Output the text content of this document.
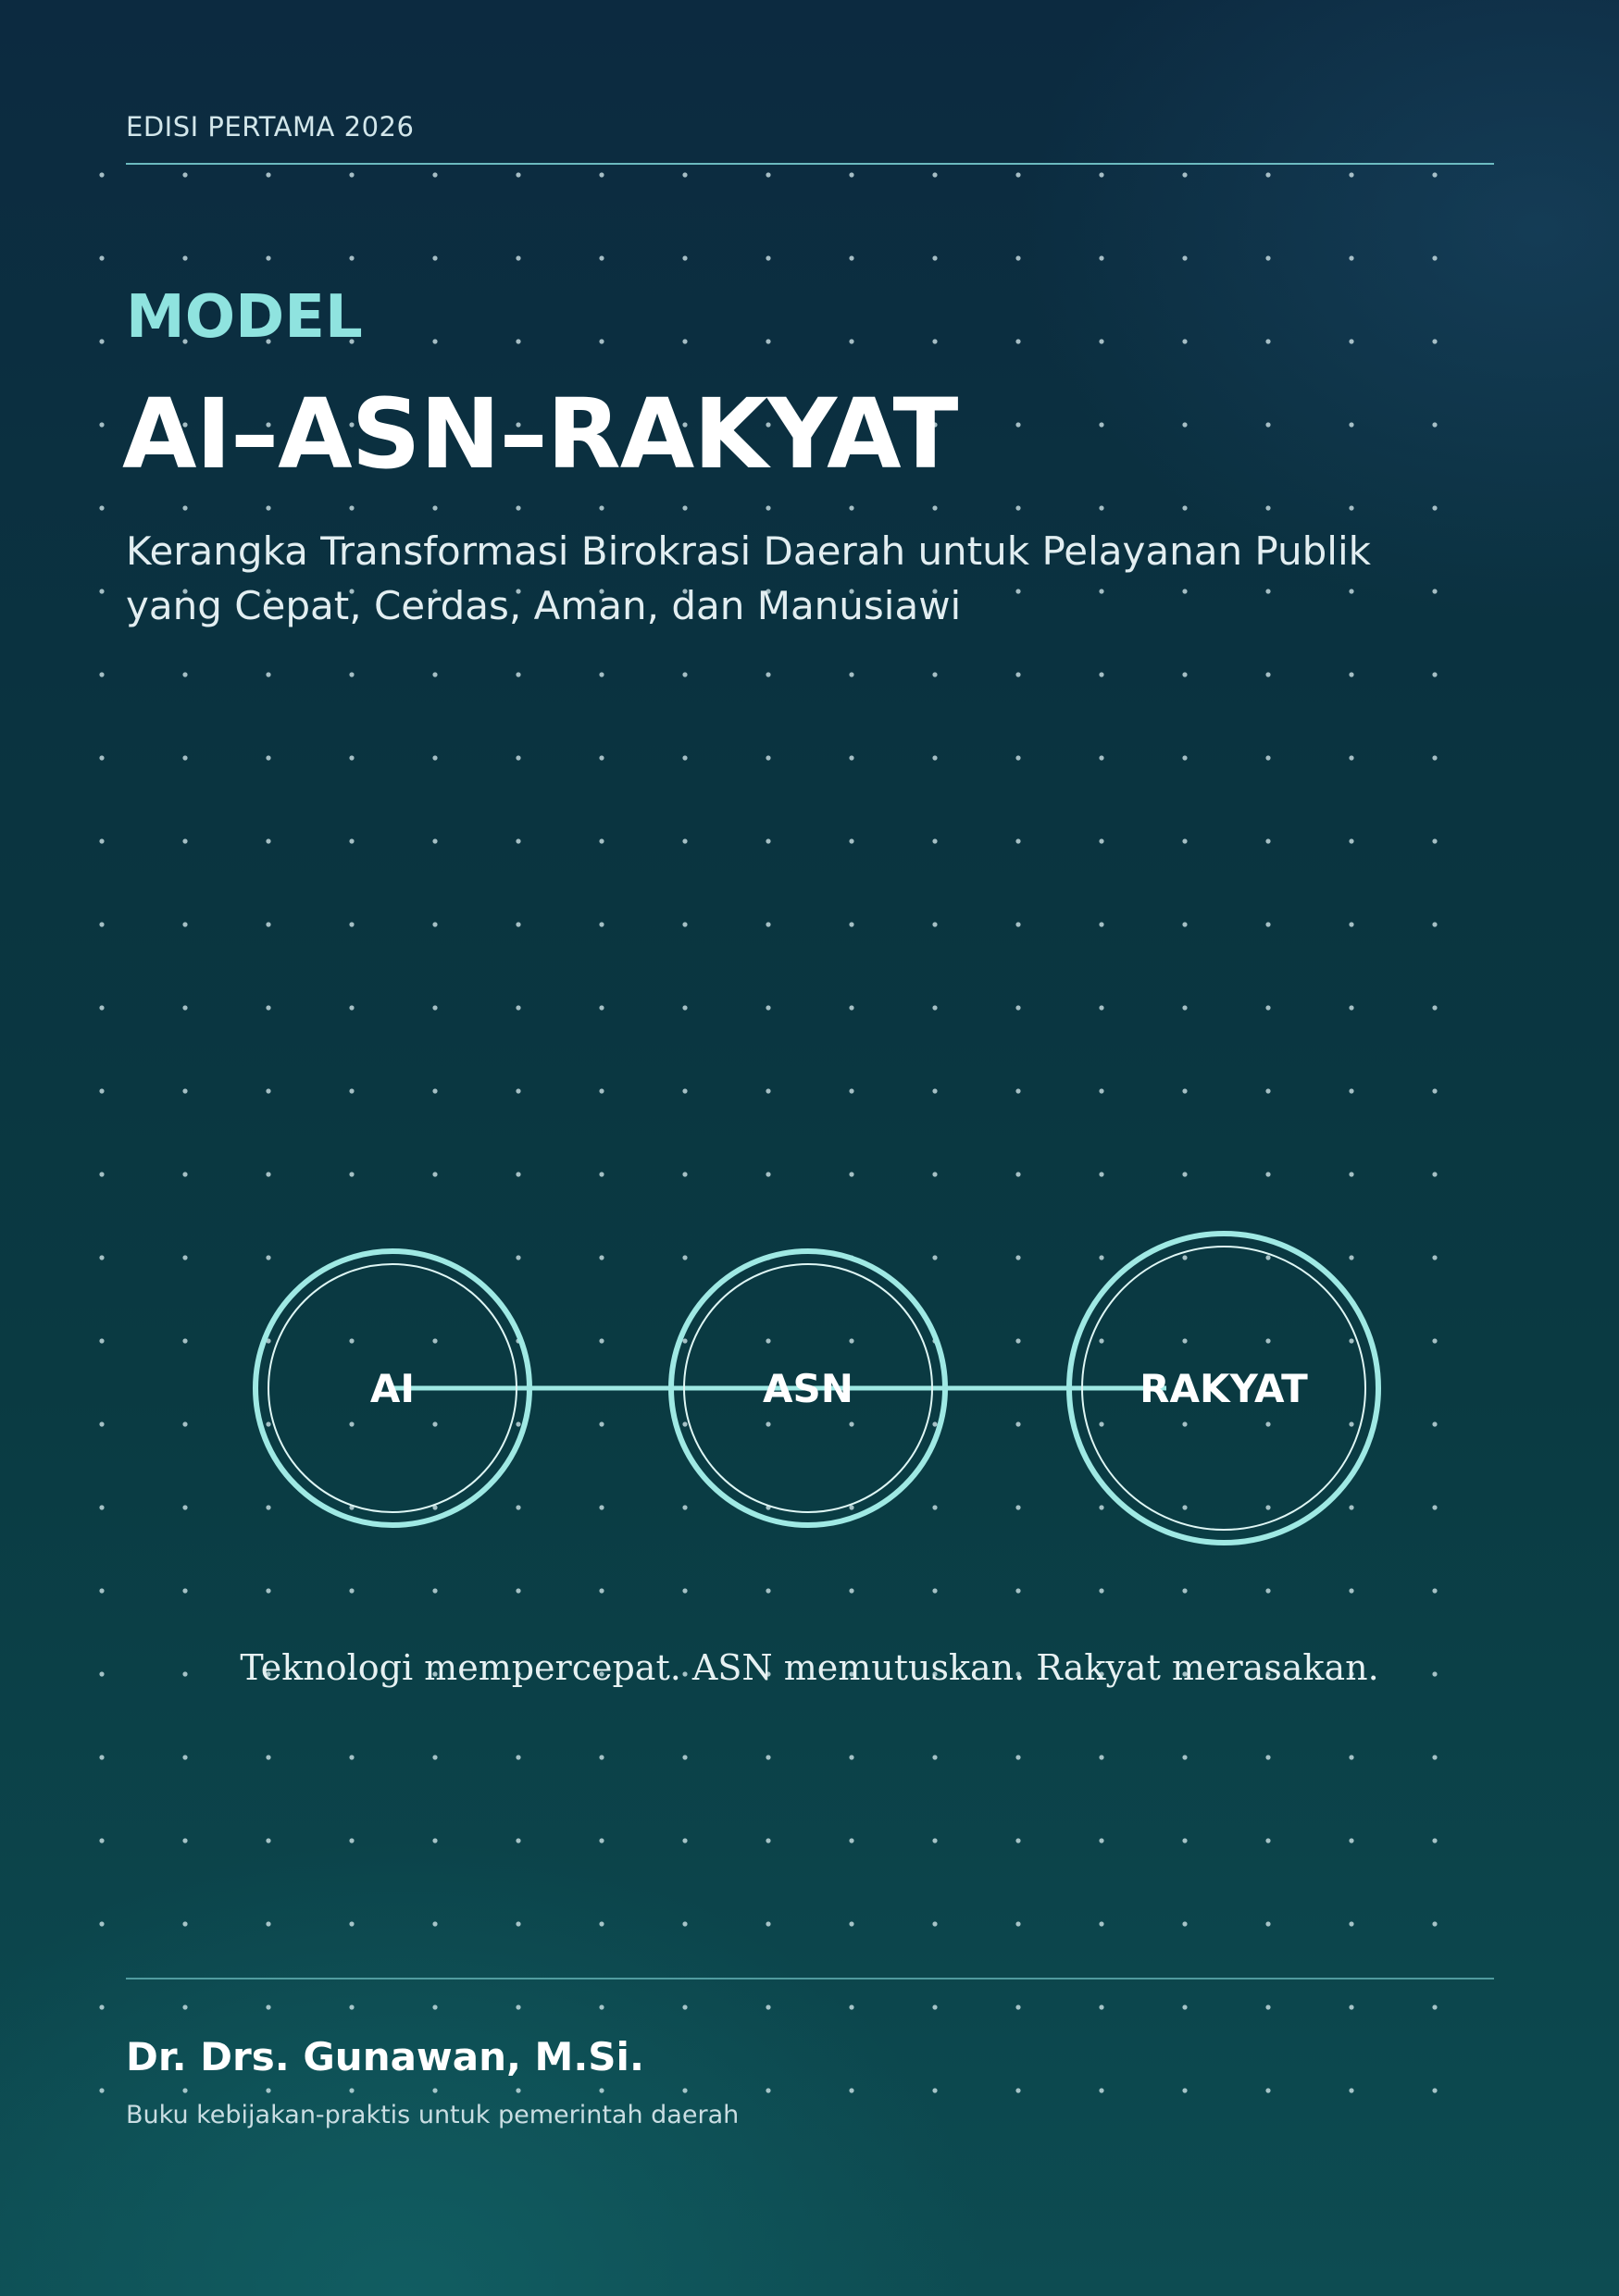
EDISI PERTAMA 2026
MODEL
AI–ASN–RAKYAT
Kerangka Transformasi Birokrasi Daerah untuk Pelayanan Publik yang Cepat, Cerdas, Aman, dan Manusiawi
AI	ASN	RAKYAT
Teknologi mempercepat. ASN memutuskan. Rakyat merasakan.
Dr. Drs. Gunawan, M.Si.
Buku kebijakan-praktis untuk pemerintah daerah
